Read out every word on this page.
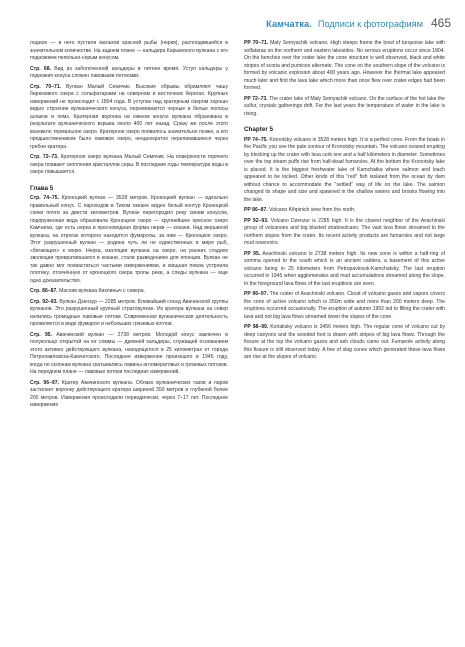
Камчатка. Подписи к фотографиям 465

лодное — в него пустили мальков красной рыбы (нерки), расплодившейся в значительном количестве. На заднем плане — кальдера Карымского вулкана с его подножием пепельно-серым конусом.

Стр. 68. Вид из заболоченной кальдеры в летнее время. Уступ кальдеры у подножия конуса сложен лавовыми потоками.

Стр. 70–71. Вулкан Малый Семячик. Высокие обрывы обрамляют чашу бирюзового озера с сольфатарами на северном и восточном берегах. Крупных извержений не происходит с 1804 года. В уступах над кратерным озером хорошо видно строение вулканического конуса, перемежаются черные и белые полосы шлаков и пемз. Кратерная воронка на южном конусе вулкана образована в результате вулканического взрыва около 400 лет назад. Сразу же после этого возникло термальное озеро. Кратерное озеро появилось значительно позже, а его предшественником было лавовое озеро, неоднократно переливавшееся через гребни кратера.

Стр. 72–73. Кратерное озеро вулкана Малый Семячик. На поверхности горячего озера плавают скопления кристаллов серы. В последние годы температура воды в озере повышается.

Глава 5

Стр. 74–75. Кроноцкий вулкан — 3528 метров. Кроноцкий вулкан — идеально правильный конус. С пароходов в Тихом океане виден белый контур Кроноцкой сопки почти за двести километров. Вулкан перегородил реку своим конусом, подпруженная вода образовала Кроноцкое озеро — крупнейшее пресное озеро Камчатки, где есть нерка и пресноводная форма нерки — кокани. Над вершиной вулкана, на отрогах которого находятся фумаролы, за ним — Кроноцкое озеро. Этот разрушенный вулкан — родина чуть ли не единственных в мире рыб, «бегающих» к морю. Нерка, изоляция вулкана на озере, на ранних стадиях эволюции превратившаяся в кокани, стали разведением для японцев. Вулкан не так давно мог похвастаться частыми извержениями, и мощная пемза устроила плотину, отсечённую от кроноцкого озера тропы реки, а следы вулкана — еще одно доказательство.

Стр. 86–87. Массив вулкана Кихпиныч с севера.

Стр. 92–93. Вулкан Дзензур — 2285 метров. Ближайший сосед Авачинской группы вулканов. Это разрушенный крупный стратовулкан. Из кратера вулкана на север излились громадные лавовые потоки. Современная вулканическая деятельность проявляется в виде фумарол и небольших грязевых котлов.

Стр. 95. Авачинский вулкан — 2738 метров. Молодой конус заключен в полукольцо открытой на юг соммы — древней кальдеры, служащей основанием этого активно действующего вулкана, находящегося в 25 километрах от города Петропавловска-Камчатского. Последнее извержение произошло в 1945 году, когда по склонам вулкана скатывались лавины агломератовых и грязевых потоков. На переднем плане — лавовые потоки последних извержений.

Стр. 96–97. Кратер Авачинского вулкана. Облако вулканических газов и паров застилает воронку действующего кратера шириной 350 метров и глубиной более 200 метров. Извержения происходили периодически, через 7–17 лет. Последнее извержение

PP 70–71. Maly Semyachik volcano. High steeps frame the bowl of turquoise lake with solfataras on the northern and eastern lakesides. No serious eruptions occur since 1804. On the benches over the crater lake the cone structure is well observed, black and white stripes of scoria and pumices alternate. The cone on the southern slope of the volcano is formed by volcanic explosion about 400 years ago. However the thermal lake appeared much later and first the lava lake which more than once flew over crater edges had been formed.

PP 72–73. The crater lake of Maly Semyachik volcano. On the surface of the hot lake the sulfur, crystals gatherings drift. For the last years the temperature of water in the lake is rising.

Chapter 5

PP 74–75. Kronotsky volcano is 3528 meters high. It is a perfect cone. From the boats in the Pacific you see the pale contour of Kronotsky mountain. The volcano ceased erupting by blocking up the crater with lava cork one and a half kilometers in diameter. Sometimes over the top steam puffs rise from half-dead fumaroles. At the bottom the Kronotsky lake is placed. It is the biggest freshwater lake of Kamchatka where salmon and loach appeared to be locked. Other kinds of this "red" fish isolated from the ocean by dam without chance to accommodate the "settled" way of life on the lake. The salmon changed its shape and size and spawned in the shallow waters and brooks flowing into the lake.

PP 86–87. Volcano Kihpinich view from the north.

PP 92–93. Volcano Dzenzur is 2285 high. It is the closest neighbor of the Avachinski group of volcanoes and big blasted stratovolcano. The vast lava flows streamed to the northern slopes from the crater. Its recent activity products are fumaroles and not large mud reservoirs.

PP 95. Avachinski volcano is 2738 meters high. Its new cone is within a half-ring of somma opened to the south which is an ancient caldera, a basement of this active volcano being in 25 kilometers from Petropavlovsk-Kamchatsky. The last eruption occurred in 1945 when agglomerates and mud accumulations streamed along the slope. In the foreground lava flows of the last eruptions are seen.

PP 96–97. The crater of Avachinski volcano. Cloud of volcano gases and vapors covers the cone of active volcano which is 350m wide and more than 200 meters deep. The eruptions occurred occasionally. The eruption of autumn 1992 led to filling the crater with lava and not big lava flows streamed down the slopes of the cone.

PP 98–99. Koriaksky volcano is 3456 meters high. The regular cone of volcano cut by deep canyons and the wooded foot is drawn with stripes of big lava flows. Through the fissure at the top the volcano gazes and ash clouds came out. Fumarole activity along this fissure is still observed today. A few of slag cones which generated these lava flows are rise at the slopes of volcano.
